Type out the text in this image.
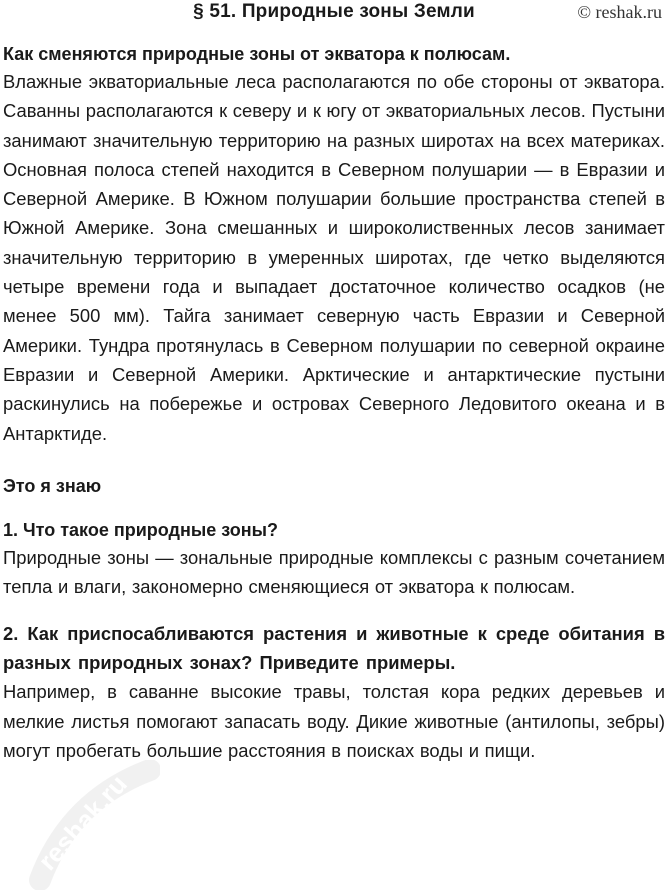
§ 51. Природные зоны Земли	© reshak.ru
Как сменяются природные зоны от экватора к полюсам.

Влажные экваториальные леса располагаются по обе стороны от экватора. Саванны располагаются к северу и к югу от экваториальных лесов. Пустыни занимают значительную территорию на разных широтах на всех материках. Основная полоса степей находится в Северном полушарии — в Евразии и Северной Америке. В Южном полушарии большие пространства степей в Южной Америке. Зона смешанных и широколиственных лесов занимает значительную территорию в умеренных широтах, где четко выделяются четыре времени года и выпадает достаточное количество осадков (не менее 500 мм). Тайга занимает северную часть Евразии и Северной Америки. Тундра протянулась в Северном полушарии по северной окраине Евразии и Северной Америки. Арктические и антарктические пустыни раскинулись на побережье и островах Северного Ледовитого океана и в Антарктиде.

Это я знаю
1. Что такое природные зоны?

Природные зоны — зональные природные комплексы с разным сочетанием тепла и влаги, закономерно сменяющиеся от экватора к полюсам.

2. Как приспосабливаются растения и животные к среде обитания в разных природных зонах? Приведите примеры.

Например, в саванне высокие травы, толстая кора редких деревьев и мелкие листья помогают запасать воду. Дикие животные (антилопы, зебры) могут пробегать большие расстояния в поисках воды и пищи.

reshak.ru
